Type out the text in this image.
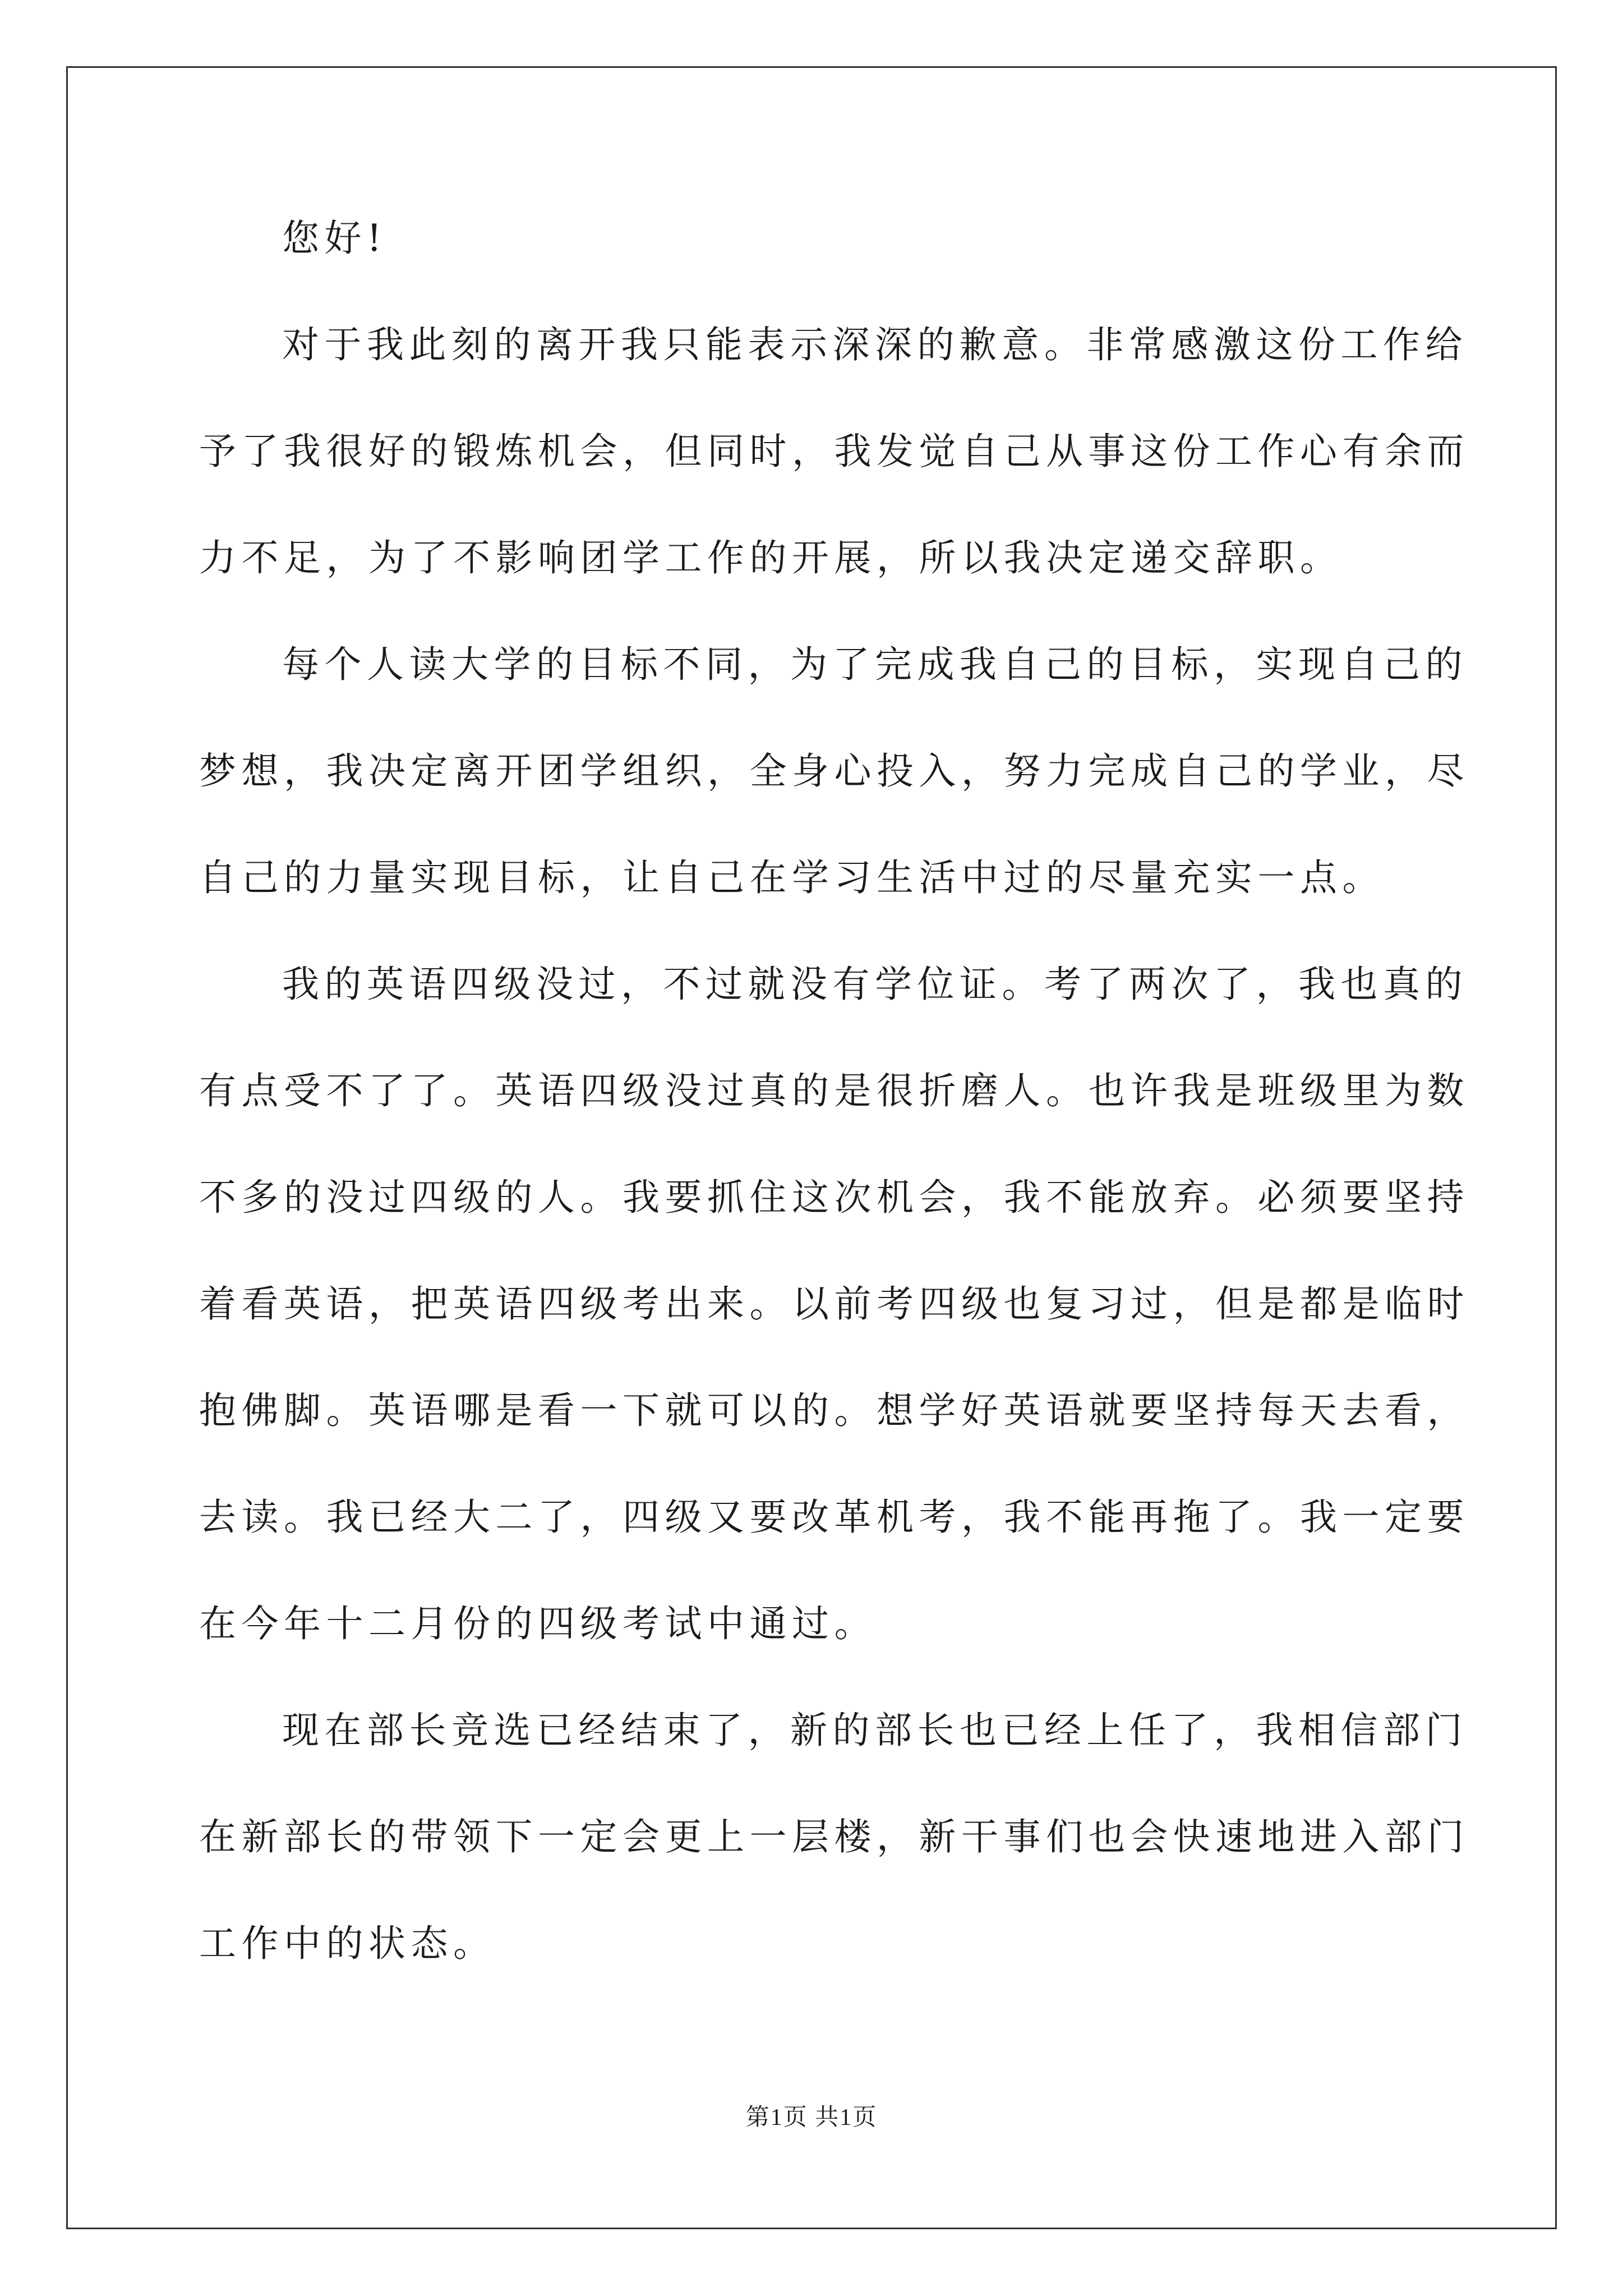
您好!
对于我此刻的离开我只能表示深深的歉意。非常感激这份工作给
予了我很好的锻炼机会，但同时，我发觉自己从事这份工作心有余而
力不足，为了不影响团学工作的开展，所以我决定递交辞职。
每个人读大学的目标不同，为了完成我自己的目标，实现自己的
梦想，我决定离开团学组织，全身心投入，努力完成自己的学业，尽
自己的力量实现目标，让自己在学习生活中过的尽量充实一点。
我的英语四级没过，不过就没有学位证。考了两次了，我也真的
有点受不了了。英语四级没过真的是很折磨人。也许我是班级里为数
不多的没过四级的人。我要抓住这次机会，我不能放弃。必须要坚持
着看英语，把英语四级考出来。以前考四级也复习过，但是都是临时
抱佛脚。英语哪是看一下就可以的。想学好英语就要坚持每天去看，
去读。我已经大二了，四级又要改革机考，我不能再拖了。我一定要
在今年十二月份的四级考试中通过。
现在部长竞选已经结束了，新的部长也已经上任了，我相信部门
在新部长的带领下一定会更上一层楼，新干事们也会快速地进入部门
工作中的状态。
第1页 共1页
